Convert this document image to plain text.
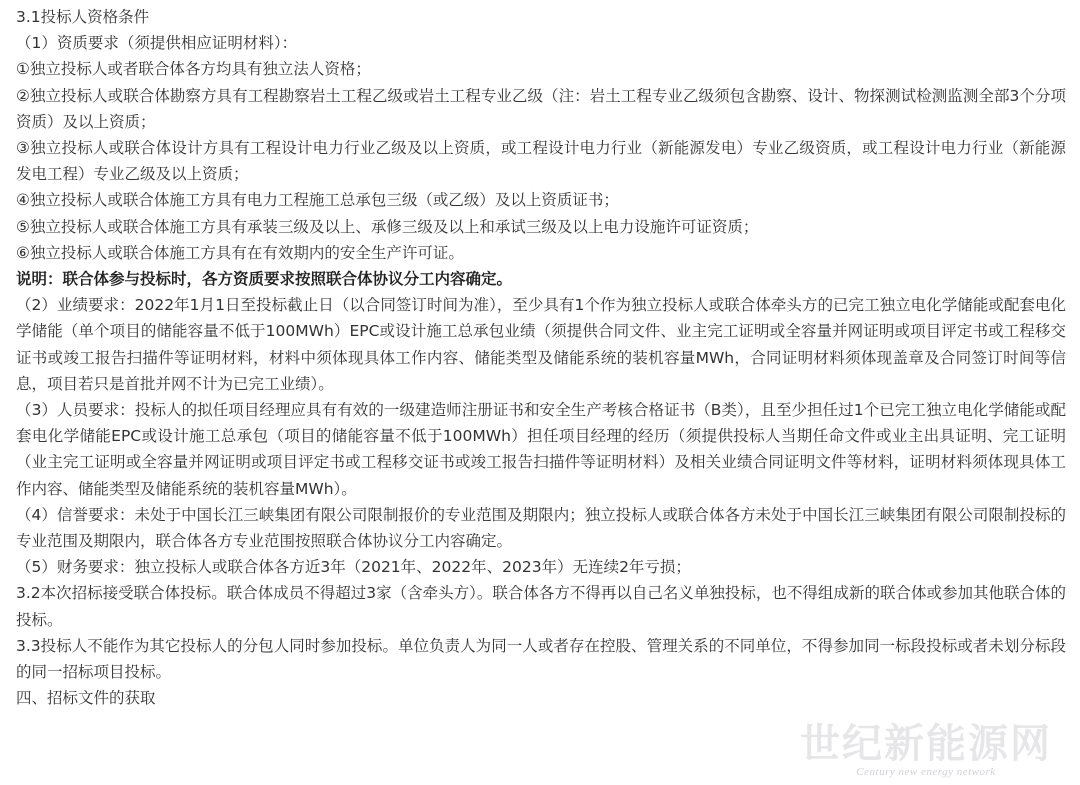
3.1投标人资格条件

（1）资质要求（须提供相应证明材料）：

①独立投标人或者联合体各方均具有独立法人资格；

②独立投标人或联合体勘察方具有工程勘察岩土工程乙级或岩土工程专业乙级（注：岩土工程专业乙级须包含勘察、设计、物探测试检测监测全部3个分项资质）及以上资质；

③独立投标人或联合体设计方具有工程设计电力行业乙级及以上资质，或工程设计电力行业（新能源发电）专业乙级资质，或工程设计电力行业（新能源发电工程）专业乙级及以上资质；

④独立投标人或联合体施工方具有电力工程施工总承包三级（或乙级）及以上资质证书；

⑤独立投标人或联合体施工方具有承装三级及以上、承修三级及以上和承试三级及以上电力设施许可证资质；

⑥独立投标人或联合体施工方具有在有效期内的安全生产许可证。

说明：联合体参与投标时，各方资质要求按照联合体协议分工内容确定。

（2）业绩要求：2022年1月1日至投标截止日（以合同签订时间为准），至少具有1个作为独立投标人或联合体牵头方的已完工独立电化学储能或配套电化学储能（单个项目的储能容量不低于100MWh）EPC或设计施工总承包业绩（须提供合同文件、业主完工证明或全容量并网证明或项目评定书或工程移交证书或竣工报告扫描件等证明材料，材料中须体现具体工作内容、储能类型及储能系统的装机容量MWh，合同证明材料须体现盖章及合同签订时间等信息，项目若只是首批并网不计为已完工业绩）。

（3）人员要求：投标人的拟任项目经理应具有有效的一级建造师注册证书和安全生产考核合格证书（B类），且至少担任过1个已完工独立电化学储能或配套电化学储能EPC或设计施工总承包（项目的储能容量不低于100MWh）担任项目经理的经历（须提供投标人当期任命文件或业主出具证明、完工证明（业主完工证明或全容量并网证明或项目评定书或工程移交证书或竣工报告扫描件等证明材料）及相关业绩合同证明文件等材料，证明材料须体现具体工作内容、储能类型及储能系统的装机容量MWh）。

（4）信誉要求：未处于中国长江三峡集团有限公司限制报价的专业范围及期限内；独立投标人或联合体各方未处于中国长江三峡集团有限公司限制投标的专业范围及期限内，联合体各方专业范围按照联合体协议分工内容确定。

（5）财务要求：独立投标人或联合体各方近3年（2021年、2022年、2023年）无连续2年亏损；

3.2本次招标接受联合体投标。联合体成员不得超过3家（含牵头方）。联合体各方不得再以自己名义单独投标，也不得组成新的联合体或参加其他联合体的投标。

3.3投标人不能作为其它投标人的分包人同时参加投标。单位负责人为同一人或者存在控股、管理关系的不同单位，不得参加同一标段投标或者未划分标段的同一招标项目投标。

四、招标文件的获取

世纪新能源网
Century new energy network
